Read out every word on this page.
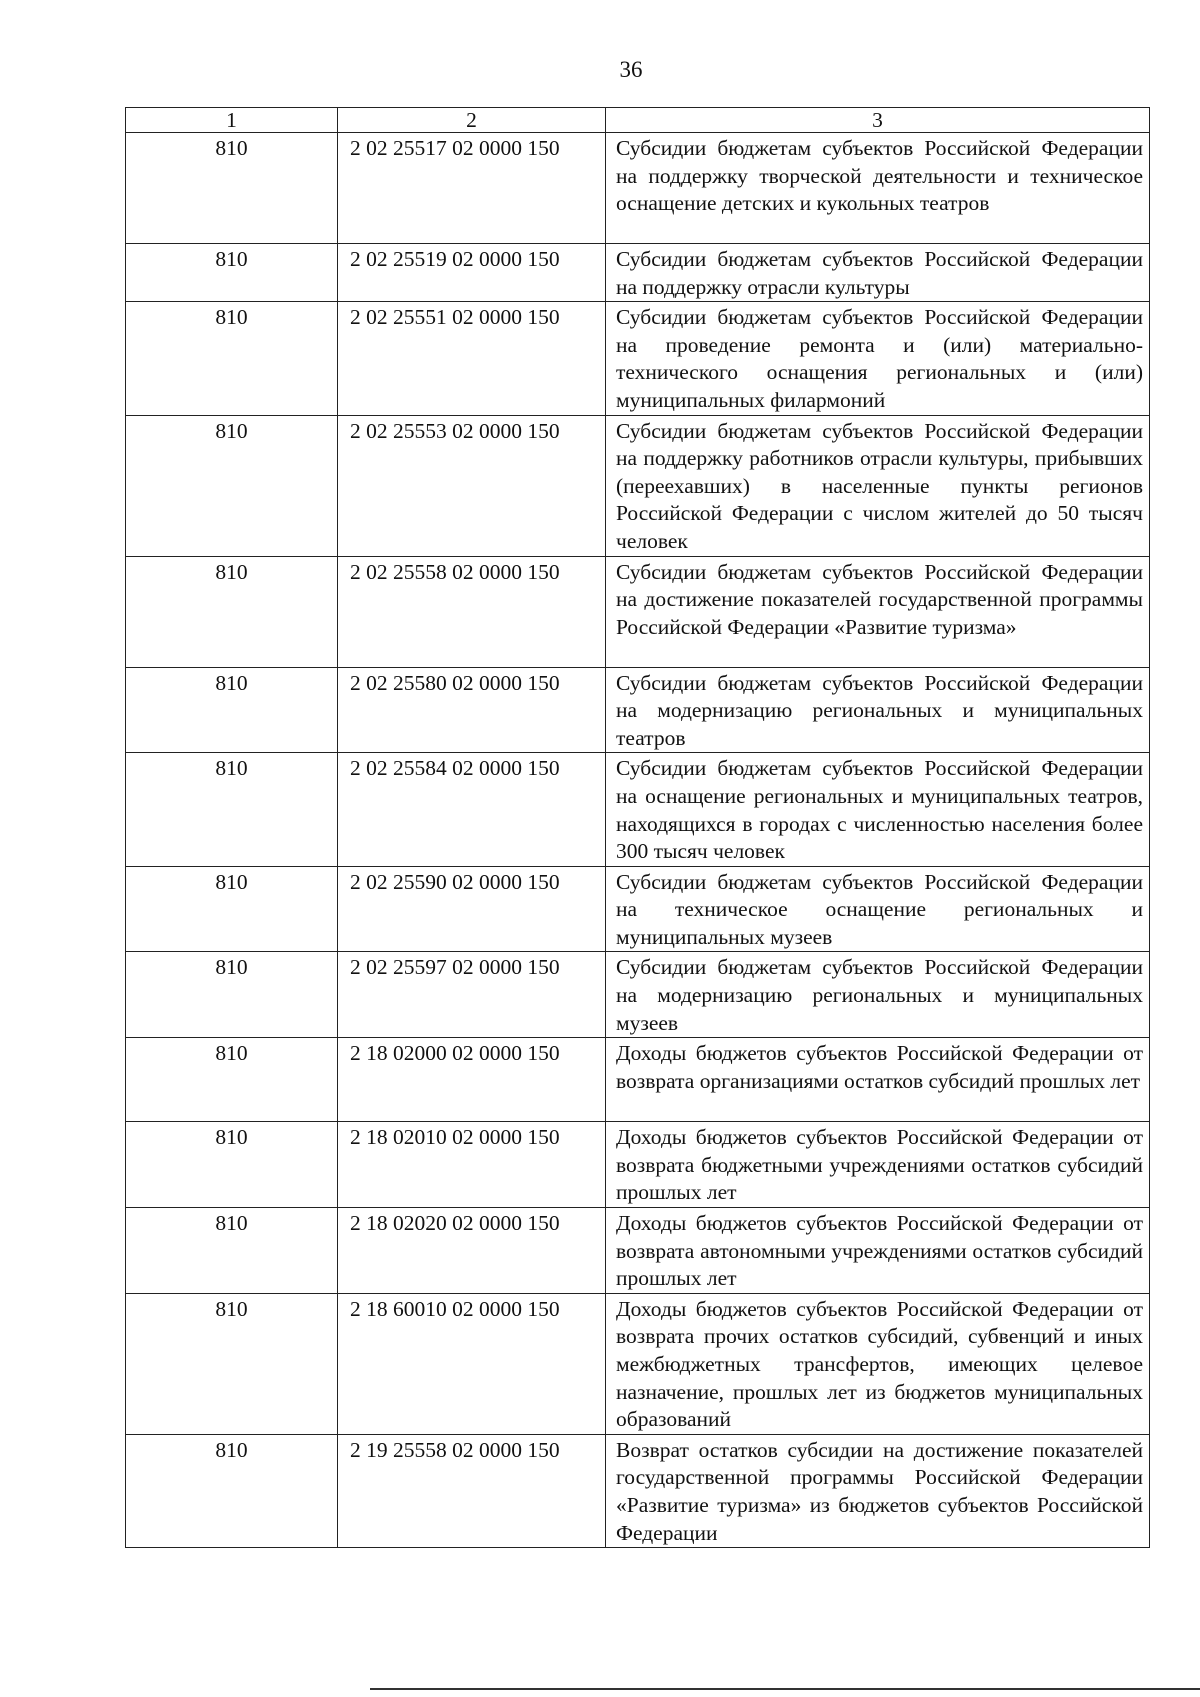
36
1	2	3
810	2 02 25517 02 0000 150	Субсидии бюджетам субъектов Российской Федерации на поддержку творческой деятельности и техническое оснащение детских и кукольных театров
810	2 02 25519 02 0000 150	Субсидии бюджетам субъектов Российской Федерации на поддержку отрасли культуры
810	2 02 25551 02 0000 150	Субсидии бюджетам субъектов Российской Федерации на проведение ремонта и (или) материально-технического оснащения региональных и (или) муниципальных филармоний
810	2 02 25553 02 0000 150	Субсидии бюджетам субъектов Российской Федерации на поддержку работников отрасли культуры, прибывших (переехавших) в населенные пункты регионов Российской Федерации с числом жителей до 50 тысяч человек
810	2 02 25558 02 0000 150	Субсидии бюджетам субъектов Российской Федерации на достижение показателей государственной программы Российской Федерации «Развитие туризма»
810	2 02 25580 02 0000 150	Субсидии бюджетам субъектов Российской Федерации на модернизацию региональных и муниципальных театров
810	2 02 25584 02 0000 150	Субсидии бюджетам субъектов Российской Федерации на оснащение региональных и муниципальных театров, находящихся в городах с численностью населения более 300 тысяч человек
810	2 02 25590 02 0000 150	Субсидии бюджетам субъектов Российской Федерации на техническое оснащение региональных и муниципальных музеев
810	2 02 25597 02 0000 150	Субсидии бюджетам субъектов Российской Федерации на модернизацию региональных и муниципальных музеев
810	2 18 02000 02 0000 150	Доходы бюджетов субъектов Российской Федерации от возврата организациями остатков субсидий прошлых лет
810	2 18 02010 02 0000 150	Доходы бюджетов субъектов Российской Федерации от возврата бюджетными учреждениями остатков субсидий прошлых лет
810	2 18 02020 02 0000 150	Доходы бюджетов субъектов Российской Федерации от возврата автономными учреждениями остатков субсидий прошлых лет
810	2 18 60010 02 0000 150	Доходы бюджетов субъектов Российской Федерации от возврата прочих остатков субсидий, субвенций и иных межбюджетных трансфертов, имеющих целевое назначение, прошлых лет из бюджетов муниципальных образований
810	2 19 25558 02 0000 150	Возврат остатков субсидии на достижение показателей государственной программы Российской Федерации «Развитие туризма» из бюджетов субъектов Российской Федерации
